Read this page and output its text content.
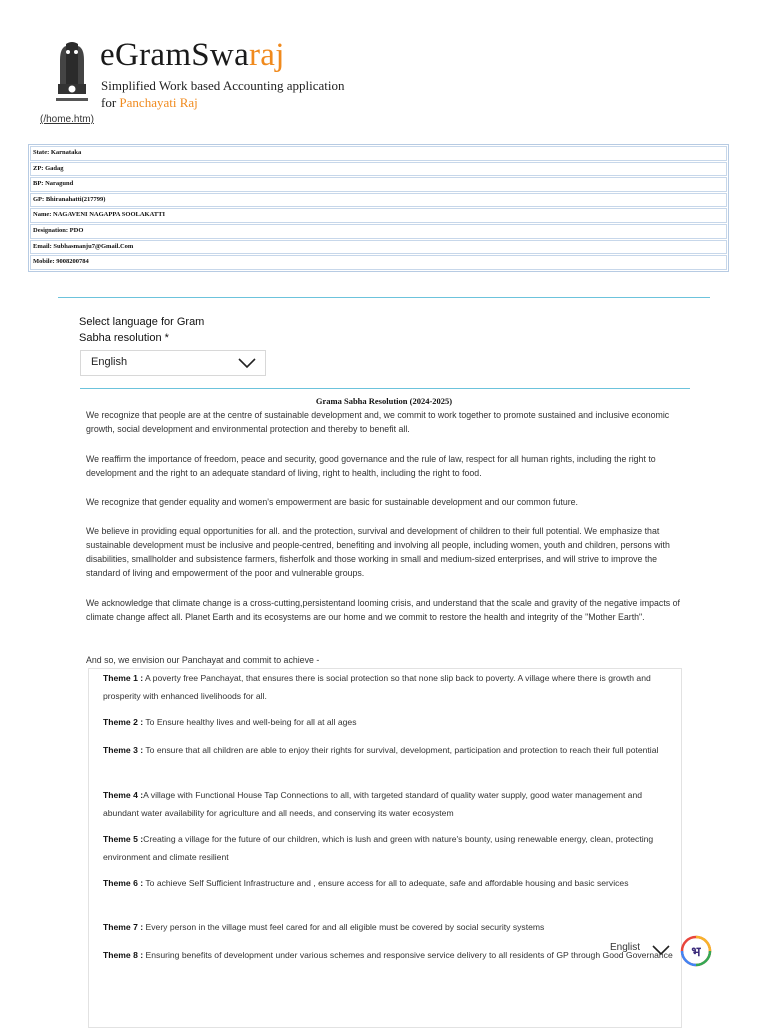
eGramSwaraj
Simplified Work based Accounting application
for Panchayati Raj
(/home.htm)
State: Karnataka
ZP: Gadag
BP: Naragund
GP: Bhiranahatti(217799)
Name: NAGAVENI NAGAPPA SOOLAKATTI
Designation: PDO
Email: Subhasmanju7@Gmail.Com
Mobile: 9008200784
Select language for Gram Sabha resolution *
English
Grama Sabha Resolution (2024-2025)

We recognize that people are at the centre of sustainable development and, we commit to work together to promote sustained and inclusive economic growth, social development and environmental protection and thereby to benefit all.

We reaffirm the importance of freedom, peace and security, good governance and the rule of law, respect for all human rights, including the right to development and the right to an adequate standard of living, right to health, including the right to food.

We recognize that gender equality and women's empowerment are basic for sustainable development and our common future.

We believe in providing equal opportunities for all. and the protection, survival and development of children to their full potential. We emphasize that sustainable development must be inclusive and people-centred, benefiting and involving all people, including women, youth and children, persons with disabilities, smallholder and subsistence farmers, fisherfolk and those working in small and medium-sized enterprises, and will strive to improve the standard of living and empowerment of the poor and vulnerable groups.

We acknowledge that climate change is a cross-cutting,persistentand looming crisis, and understand that the scale and gravity of the negative impacts of climate change affect all. Planet Earth and its ecosystems are our home and we commit to restore the health and integrity of the "Mother Earth".

And so, we envision our Panchayat and commit to achieve -

Theme 1 : A poverty free Panchayat, that ensures there is social protection so that none slip back to poverty. A village where there is growth and prosperity with enhanced livelihoods for all.
Theme 2 : To Ensure healthy lives and well-being for all at all ages
Theme 3 : To ensure that all children are able to enjoy their rights for survival, development, participation and protection to reach their full potential
Theme 4 :A village with Functional House Tap Connections to all, with targeted standard of quality water supply, good water management and abundant water availability for agriculture and all needs, and conserving its water ecosystem
Theme 5 :Creating a village for the future of our children, which is lush and green with nature's bounty, using renewable energy, clean, protecting environment and climate resilient
Theme 6 : To achieve Self Sufficient Infrastructure and , ensure access for all to adequate, safe and affordable housing and basic services
Theme 7 : Every person in the village must feel cared for and all eligible must be covered by social security systems
Theme 8 : Ensuring benefits of development under various schemes and responsive service delivery to all residents of GP through Good Governance
Englist	भ
